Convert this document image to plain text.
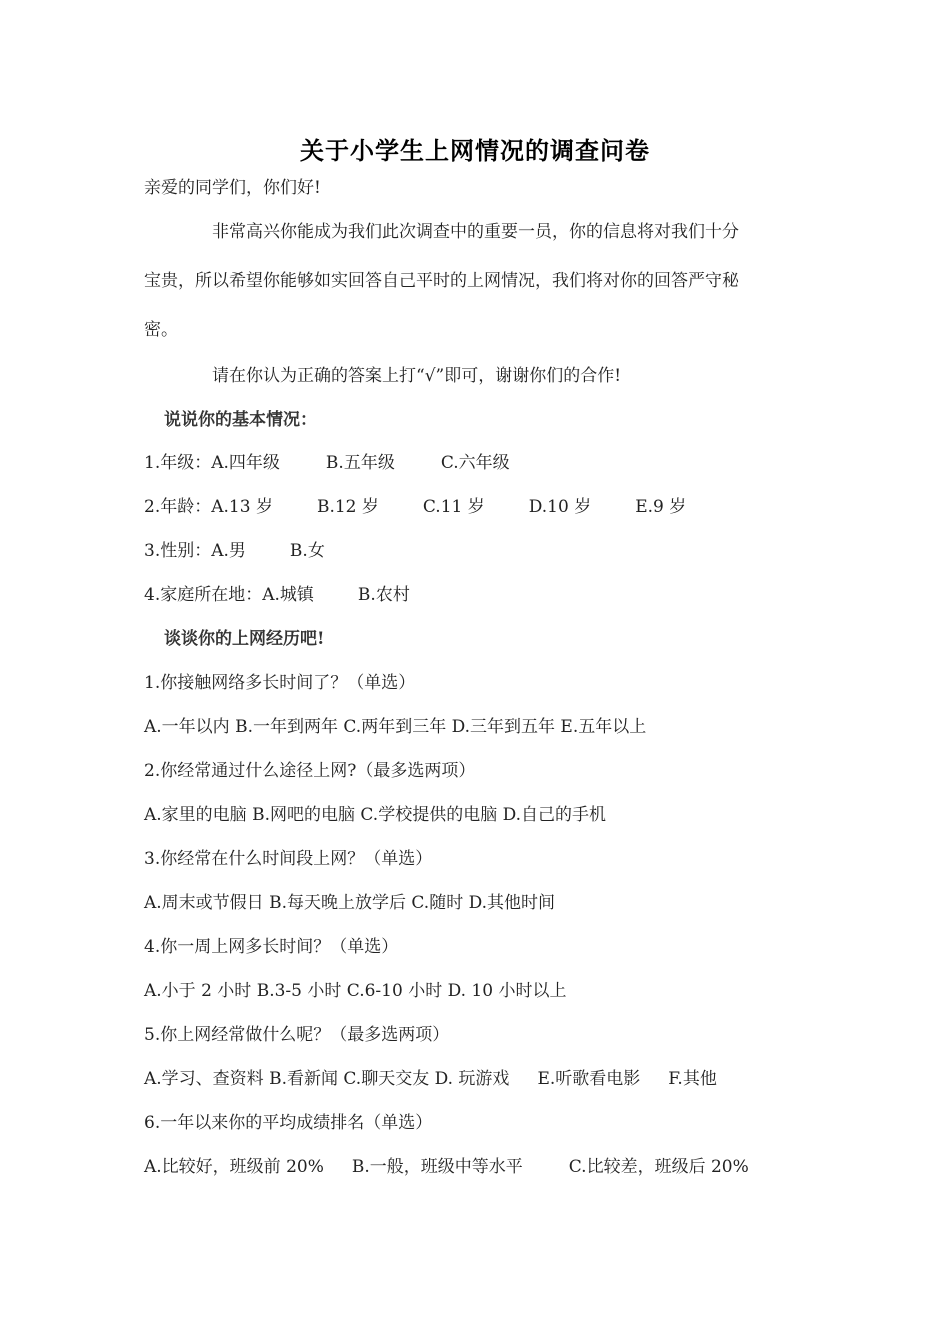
关于小学生上网情况的调查问卷
亲爱的同学们，你们好!
非常高兴你能成为我们此次调查中的重要一员，你的信息将对我们十分
宝贵，所以希望你能够如实回答自己平时的上网情况，我们将对你的回答严守秘
密。
请在你认为正确的答案上打“√”即可，谢谢你们的合作!
说说你的基本情况：
1.年级：A.四年级	B.五年级	C.六年级
2.年龄：A.13 岁	B.12 岁	C.11 岁	D.10 岁	E.9 岁
3.性别：A.男	B.女
4.家庭所在地：A.城镇	B.农村
谈谈你的上网经历吧!
1.你接触网络多长时间了？（单选）
A.一年以内 B.一年到两年 C.两年到三年 D.三年到五年 E.五年以上
2.你经常通过什么途径上网?（最多选两项）
A.家里的电脑 B.网吧的电脑 C.学校提供的电脑 D.自己的手机
3.你经常在什么时间段上网？（单选）
A.周末或节假日 B.每天晚上放学后 C.随时 D.其他时间
4.你一周上网多长时间？（单选）
A.小于 2 小时 B.3-5 小时 C.6-10 小时 D. 10 小时以上
5.你上网经常做什么呢？（最多选两项）
A.学习、查资料 B.看新闻 C.聊天交友 D. 玩游戏 E.听歌看电影 F.其他
6.一年以来你的平均成绩排名（单选）
A.比较好，班级前 20% B.一般，班级中等水平	C.比较差，班级后 20%
